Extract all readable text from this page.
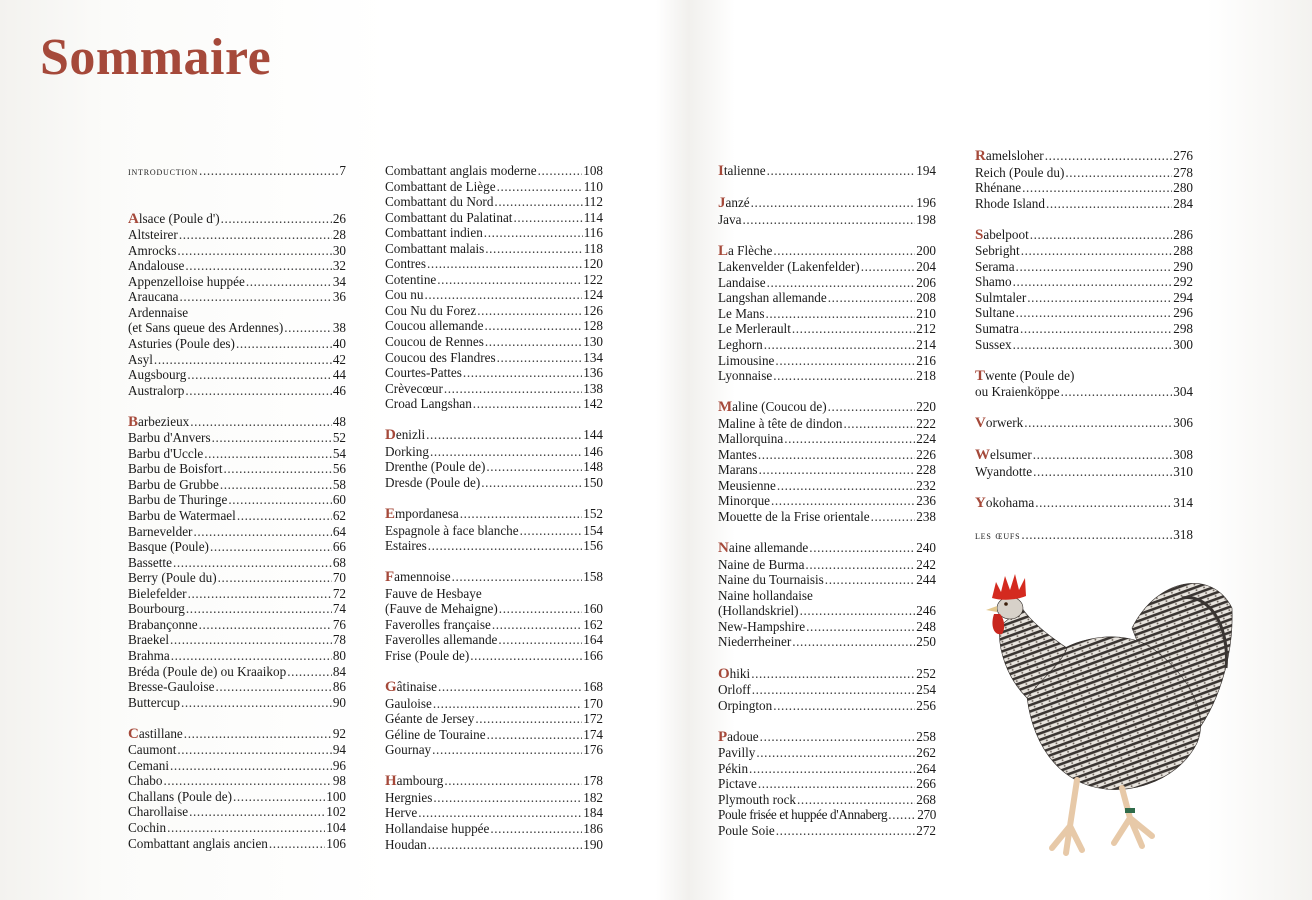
Sommaire
introduction .....	7
Alsace (Poule d') .....	26
Altsteirer .....	28
Amrocks .....	30
Andalouse .....	32
Appenzelloise huppée .....	34
Araucana .....	36
Ardennaise
(et Sans queue des Ardennes) .....	38
Asturies (Poule des) .....	40
Asyl .....	42
Augsbourg .....	44
Australorp .....	46
Barbezieux .....	48
Barbu d'Anvers .....	52
Barbu d'Uccle .....	54
Barbu de Boisfort .....	56
Barbu de Grubbe .....	58
Barbu de Thuringe .....	60
Barbu de Watermael .....	62
Barnevelder .....	64
Basque (Poule) .....	66
Bassette .....	68
Berry (Poule du) .....	70
Bielefelder .....	72
Bourbourg .....	74
Brabançonne .....	76
Braekel .....	78
Brahma .....	80
Bréda (Poule de) ou Kraaikop .....	84
Bresse-Gauloise .....	86
Buttercup .....	90
Castillane .....	92
Caumont .....	94
Cemani .....	96
Chabo .....	98
Challans (Poule de) .....	100
Charollaise .....	102
Cochin .....	104
Combattant anglais ancien .....	106
Combattant anglais moderne .....	108
Combattant de Liège .....	110
Combattant du Nord .....	112
Combattant du Palatinat .....	114
Combattant indien .....	116
Combattant malais .....	118
Contres .....	120
Cotentine .....	122
Cou nu .....	124
Cou Nu du Forez .....	126
Coucou allemande .....	128
Coucou de Rennes .....	130
Coucou des Flandres .....	134
Courtes-Pattes .....	136
Crèvecœur .....	138
Croad Langshan .....	142
Denizli .....	144
Dorking .....	146
Drenthe (Poule de) .....	148
Dresde (Poule de) .....	150
Empordanesa .....	152
Espagnole à face blanche .....	154
Estaires .....	156
Famennoise .....	158
Fauve de Hesbaye
(Fauve de Mehaigne) .....	160
Faverolles française .....	162
Faverolles allemande .....	164
Frise (Poule de) .....	166
Gâtinaise .....	168
Gauloise .....	170
Géante de Jersey .....	172
Géline de Touraine .....	174
Gournay .....	176
Hambourg .....	178
Hergnies .....	182
Herve .....	184
Hollandaise huppée .....	186
Houdan .....	190
Italienne .....	194
Janzé .....	196
Java .....	198
La Flèche .....	200
Lakenvelder (Lakenfelder) .....	204
Landaise .....	206
Langshan allemande .....	208
Le Mans .....	210
Le Merlerault .....	212
Leghorn .....	214
Limousine .....	216
Lyonnaise .....	218
Maline (Coucou de) .....	220
Maline à tête de dindon .....	222
Mallorquina .....	224
Mantes .....	226
Marans .....	228
Meusienne .....	232
Minorque .....	236
Mouette de la Frise orientale .....	238
Naine allemande .....	240
Naine de Burma .....	242
Naine du Tournaisis .....	244
Naine hollandaise
(Hollandskriel) .....	246
New-Hampshire .....	248
Niederrheiner .....	250
Ohiki .....	252
Orloff .....	254
Orpington .....	256
Padoue .....	258
Pavilly .....	262
Pékin .....	264
Pictave .....	266
Plymouth rock .....	268
Poule frisée et huppée d'Annaberg ..... 270
Poule Soie .....	272
Ramelsloher .....	276
Reich (Poule du) .....	278
Rhénane .....	280
Rhode Island .....	284
Sabelpoot .....	286
Sebright .....	288
Serama .....	290
Shamo .....	292
Sulmtaler .....	294
Sultane .....	296
Sumatra .....	298
Sussex .....	300
Twente (Poule de)
ou Kraienköppe .....	304
Vorwerk .....	306
Welsumer .....	308
Wyandotte .....	310
Yokohama .....	314
les œufs .....	318
